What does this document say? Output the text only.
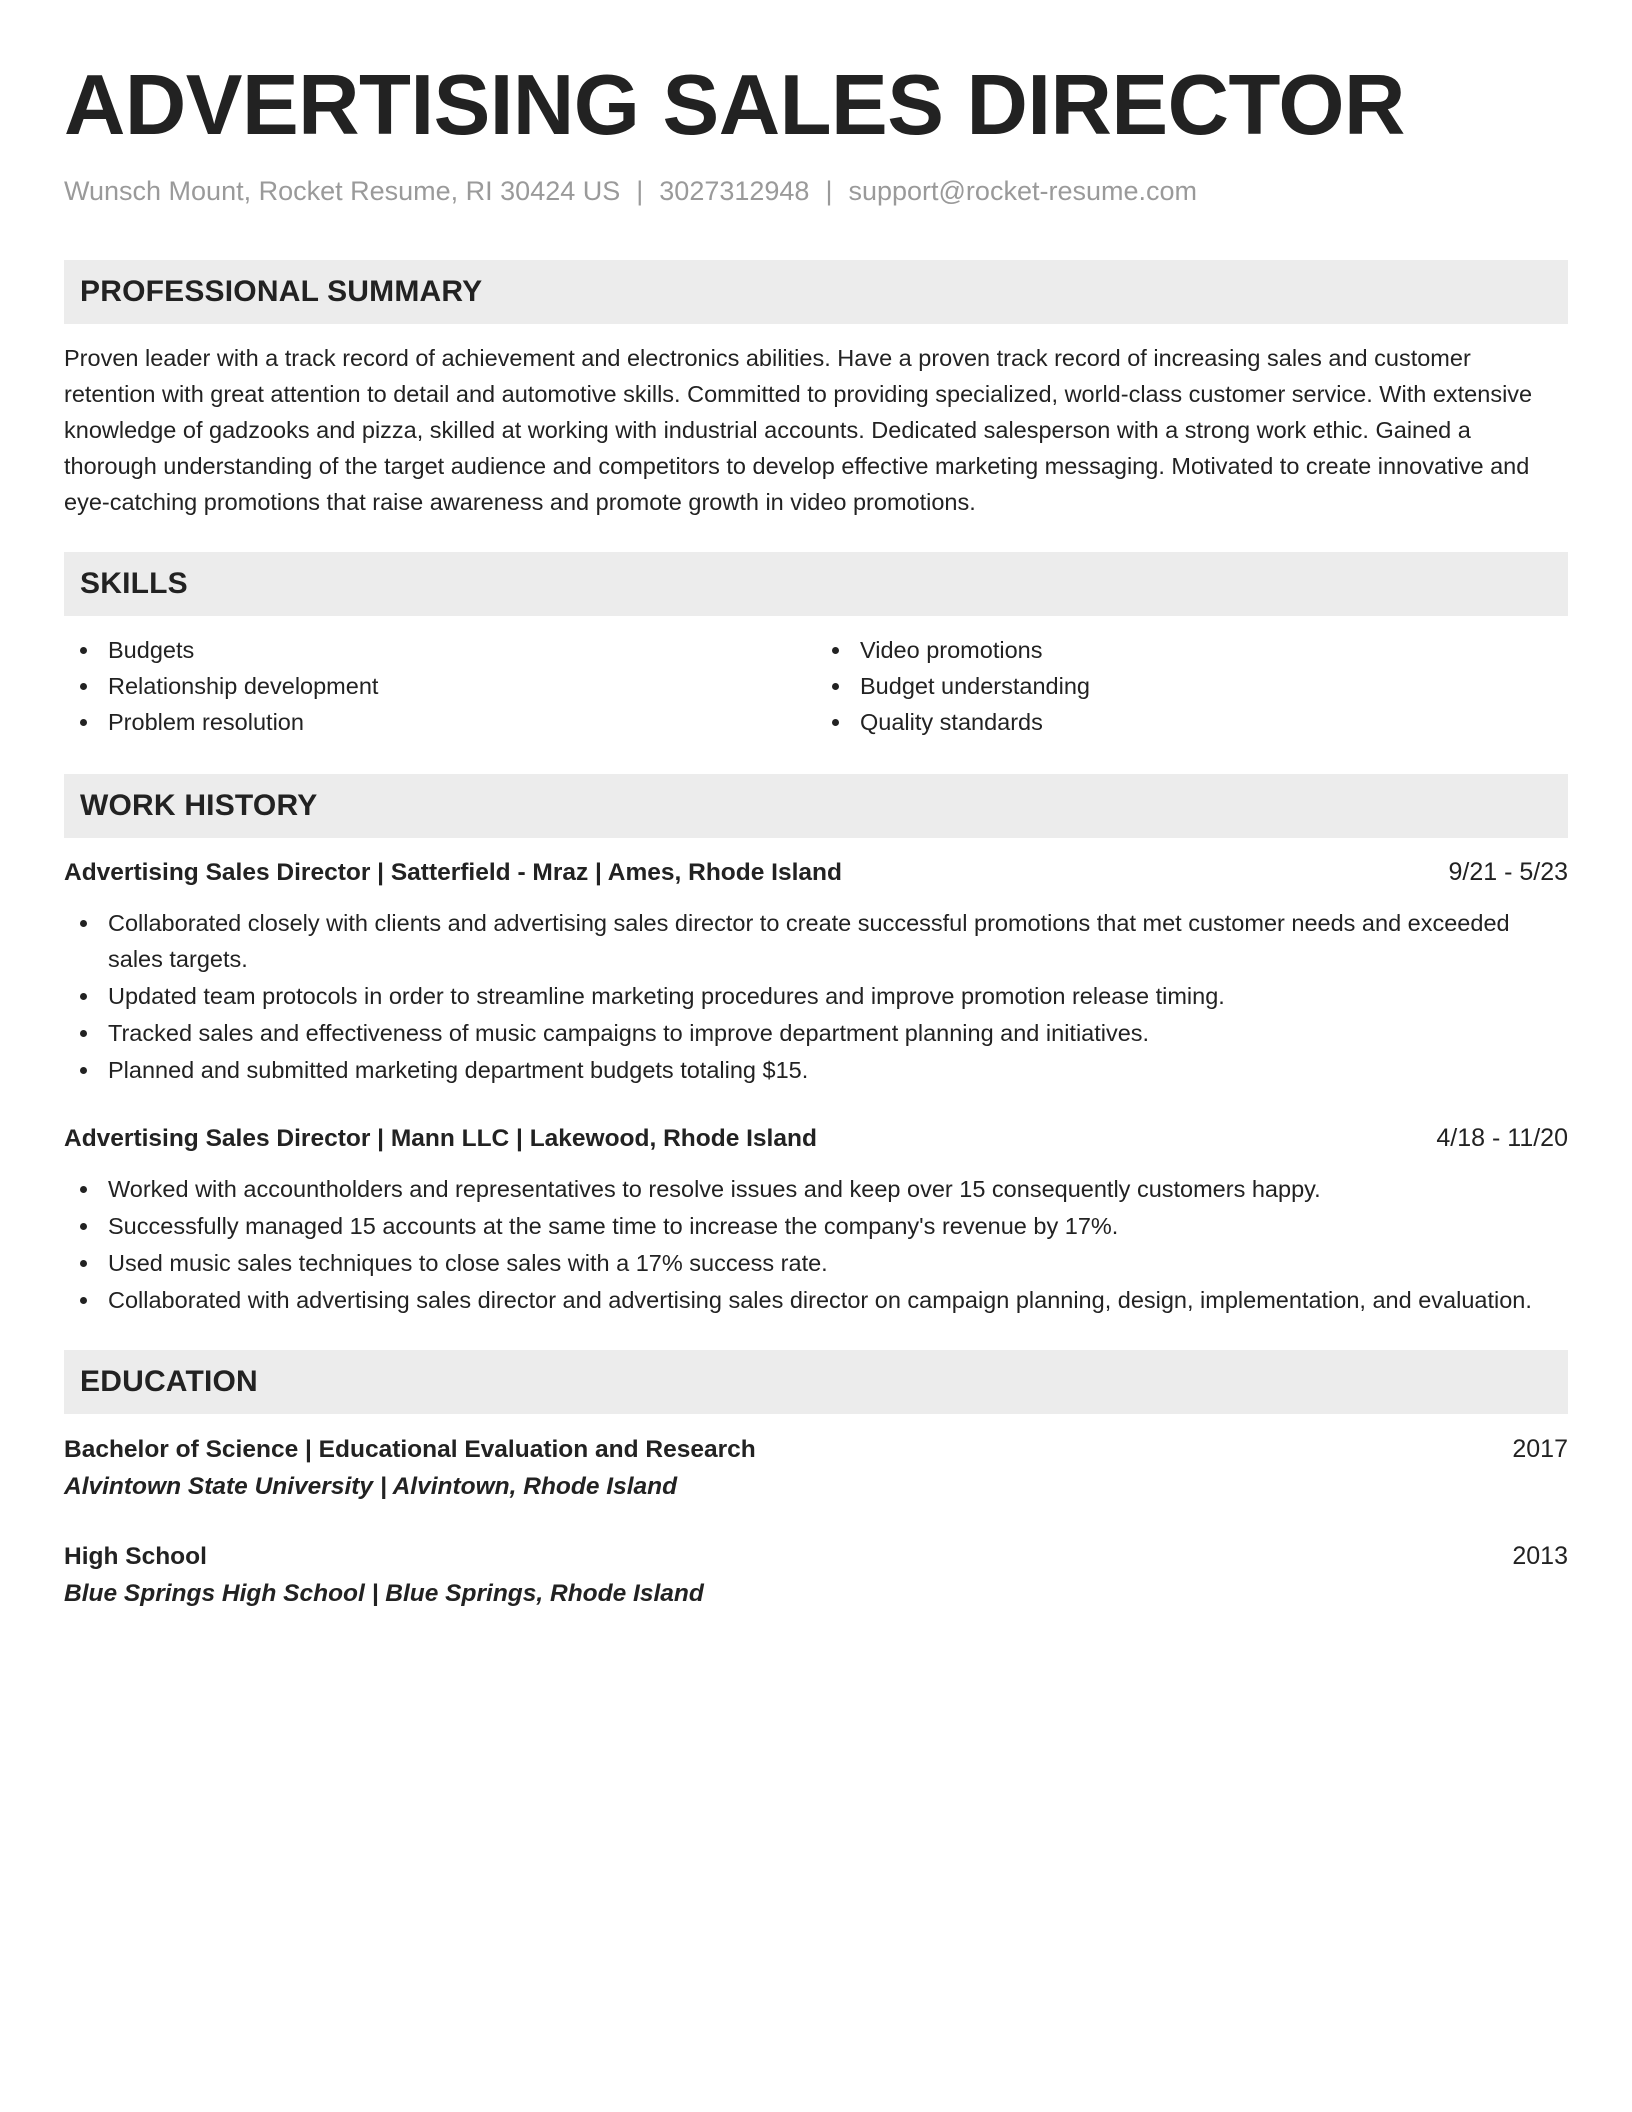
ADVERTISING SALES DIRECTOR
Wunsch Mount, Rocket Resume, RI 30424 US | 3027312948 | support@rocket-resume.com
PROFESSIONAL SUMMARY

Proven leader with a track record of achievement and electronics abilities. Have a proven track record of increasing sales and customer retention with great attention to detail and automotive skills. Committed to providing specialized, world-class customer service. With extensive knowledge of gadzooks and pizza, skilled at working with industrial accounts. Dedicated salesperson with a strong work ethic. Gained a thorough understanding of the target audience and competitors to develop effective marketing messaging. Motivated to create innovative and eye-catching promotions that raise awareness and promote growth in video promotions.

SKILLS
Budgets
Relationship development
Problem resolution
Video promotions
Budget understanding
Quality standards
WORK HISTORY
Advertising Sales Director | Satterfield - Mraz | Ames, Rhode Island	9/21 - 5/23
Collaborated closely with clients and advertising sales director to create successful promotions that met customer needs and exceeded sales targets.
Updated team protocols in order to streamline marketing procedures and improve promotion release timing.
Tracked sales and effectiveness of music campaigns to improve department planning and initiatives.
Planned and submitted marketing department budgets totaling $15.
Advertising Sales Director | Mann LLC | Lakewood, Rhode Island	4/18 - 11/20
Worked with accountholders and representatives to resolve issues and keep over 15 consequently customers happy.
Successfully managed 15 accounts at the same time to increase the company's revenue by 17%.
Used music sales techniques to close sales with a 17% success rate.
Collaborated with advertising sales director and advertising sales director on campaign planning, design, implementation, and evaluation.
EDUCATION
Bachelor of Science | Educational Evaluation and Research	2017
Alvintown State University | Alvintown, Rhode Island
High School	2013
Blue Springs High School | Blue Springs, Rhode Island
